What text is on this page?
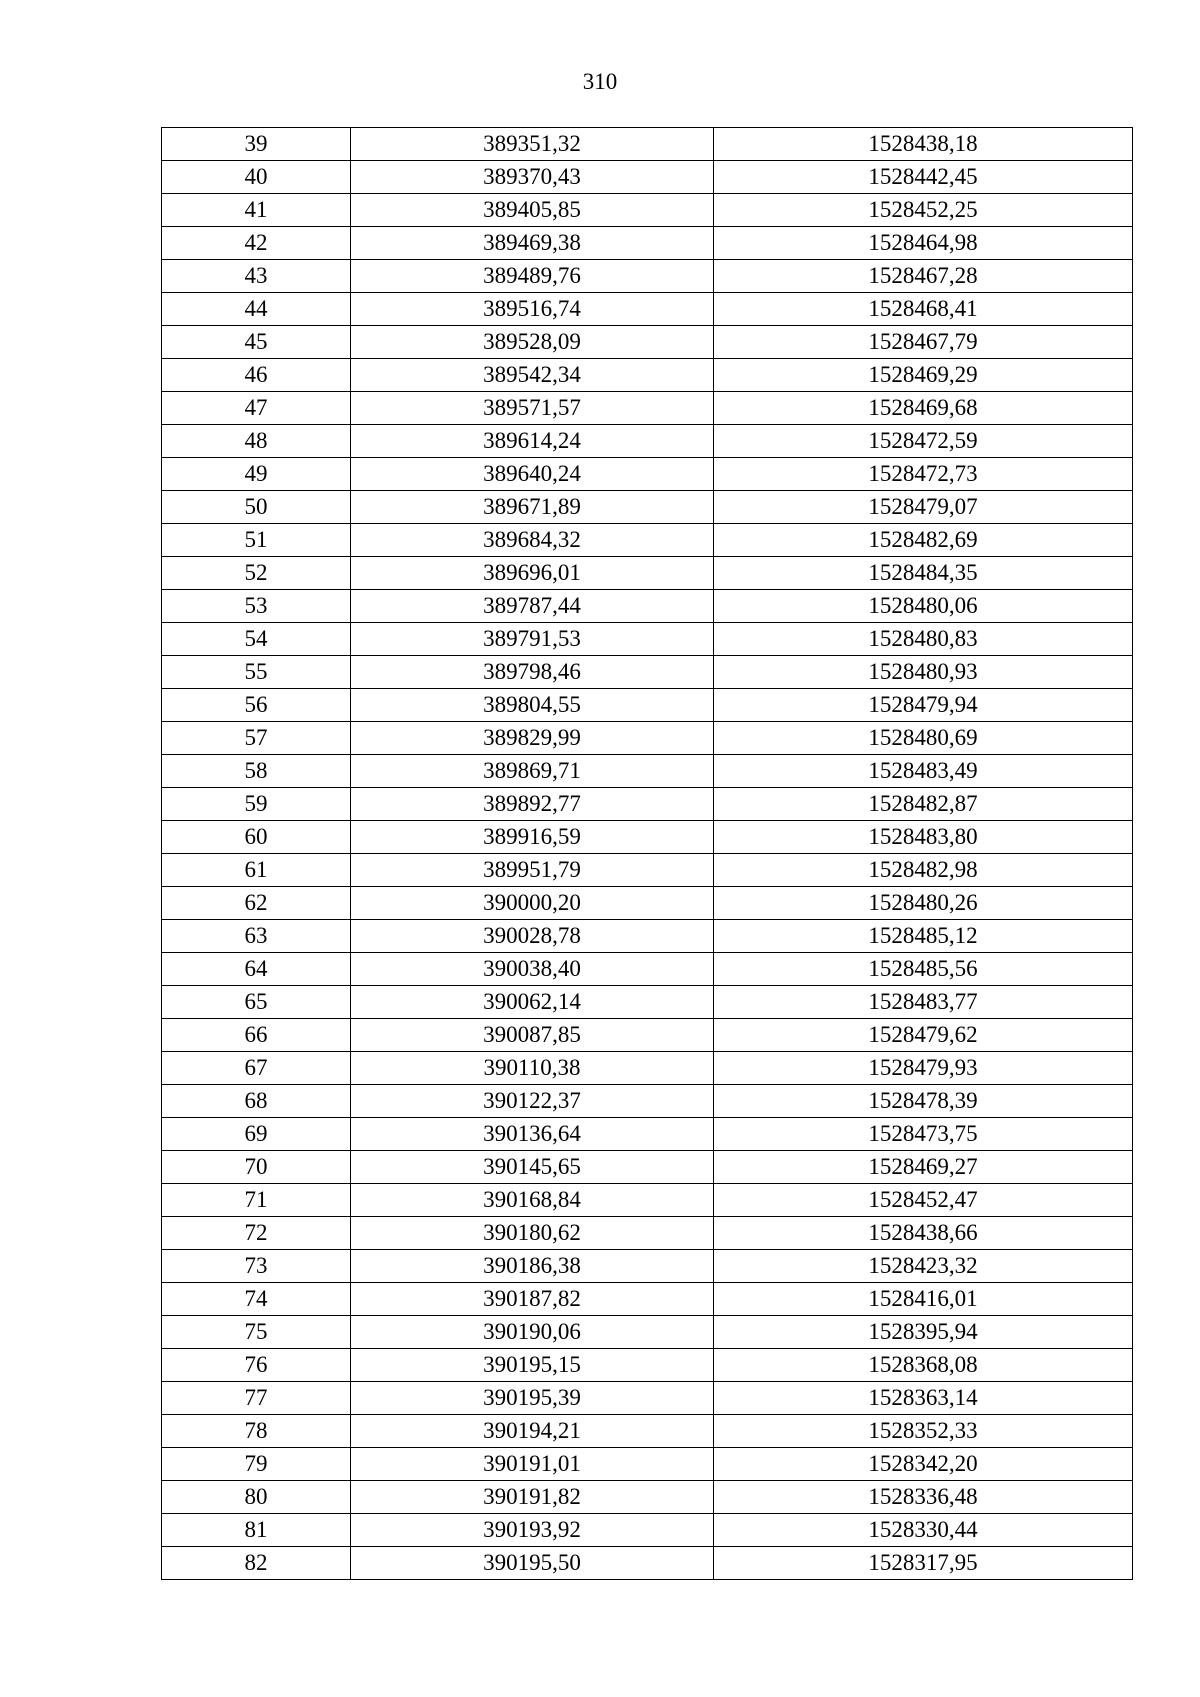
310
39	389351,32	1528438,18
40	389370,43	1528442,45
41	389405,85	1528452,25
42	389469,38	1528464,98
43	389489,76	1528467,28
44	389516,74	1528468,41
45	389528,09	1528467,79
46	389542,34	1528469,29
47	389571,57	1528469,68
48	389614,24	1528472,59
49	389640,24	1528472,73
50	389671,89	1528479,07
51	389684,32	1528482,69
52	389696,01	1528484,35
53	389787,44	1528480,06
54	389791,53	1528480,83
55	389798,46	1528480,93
56	389804,55	1528479,94
57	389829,99	1528480,69
58	389869,71	1528483,49
59	389892,77	1528482,87
60	389916,59	1528483,80
61	389951,79	1528482,98
62	390000,20	1528480,26
63	390028,78	1528485,12
64	390038,40	1528485,56
65	390062,14	1528483,77
66	390087,85	1528479,62
67	390110,38	1528479,93
68	390122,37	1528478,39
69	390136,64	1528473,75
70	390145,65	1528469,27
71	390168,84	1528452,47
72	390180,62	1528438,66
73	390186,38	1528423,32
74	390187,82	1528416,01
75	390190,06	1528395,94
76	390195,15	1528368,08
77	390195,39	1528363,14
78	390194,21	1528352,33
79	390191,01	1528342,20
80	390191,82	1528336,48
81	390193,92	1528330,44
82	390195,50	1528317,95
